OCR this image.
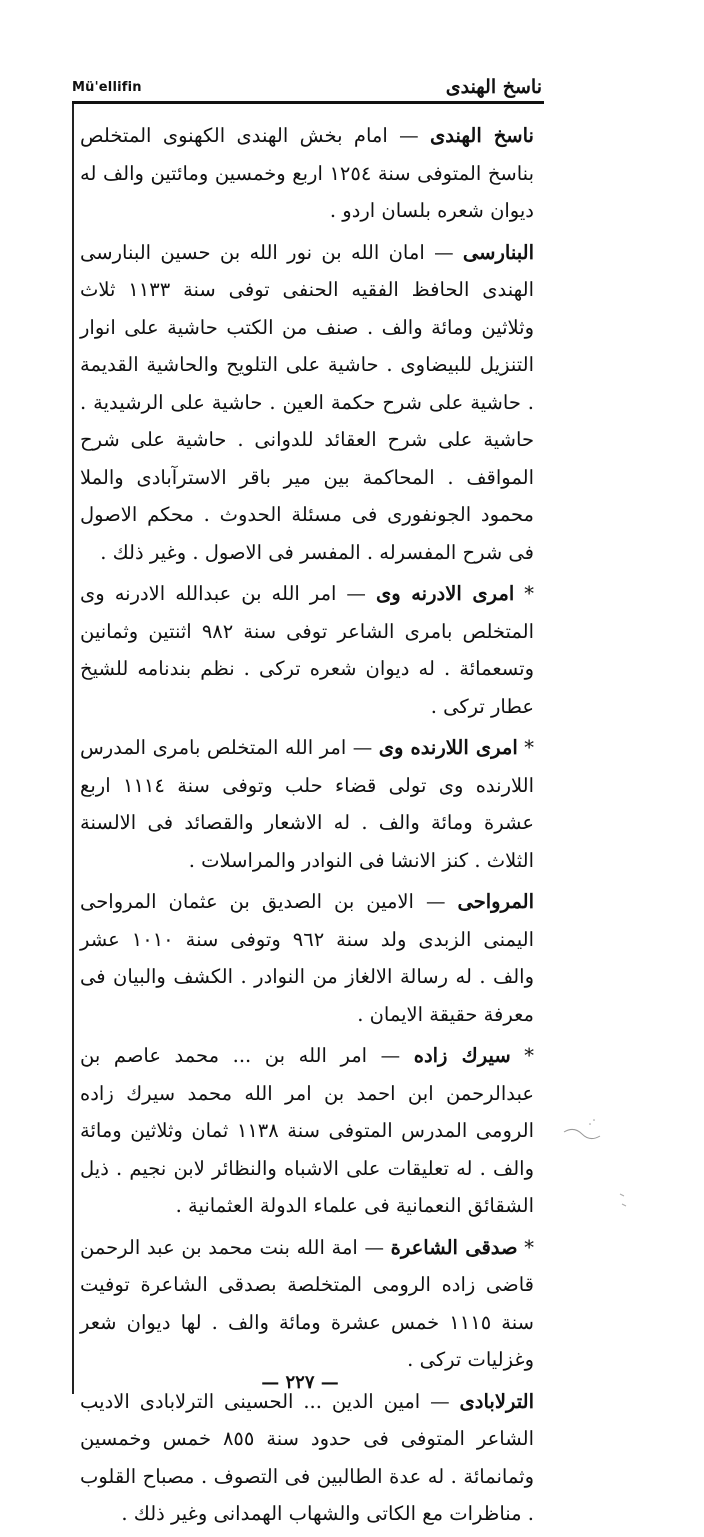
Mü'ellifin	ناسخ الهندى

ناسخ الهندى — امام بخش الهندى الكهنوى المتخلص بناسخ المتوفى سنة ١٢٥٤ اربع وخمسين ومائتين والف له ديوان شعره بلسان اردو .

البنارسى — امان الله بن نور الله بن حسين البنارسى الهندى الحافظ الفقيه الحنفى توفى سنة ١١٣٣ ثلاث وثلاثين ومائة والف . صنف من الكتب حاشية على انوار التنزيل للبيضاوى . حاشية على التلويح والحاشية القديمة . حاشية على شرح حكمة العين . حاشية على الرشيدية . حاشية على شرح العقائد للدوانى . حاشية على شرح المواقف . المحاكمة بين مير باقر الاسترآبادى والملا محمود الجونفورى فى مسئلة الحدوث . محكم الاصول فى شرح المفسرله . المفسر فى الاصول . وغير ذلك .

* امرى الادرنه وى — امر الله بن عبدالله الادرنه وى المتخلص بامرى الشاعر توفى سنة ٩٨٢ اثنتين وثمانين وتسعمائة . له ديوان شعره تركى . نظم بندنامه للشيخ عطار تركى .

* امرى اللارنده وى — امر الله المتخلص بامرى المدرس اللارنده وى تولى قضاء حلب وتوفى سنة ١١١٤ اربع عشرة ومائة والف . له الاشعار والقصائد فى الالسنة الثلاث . كنز الانشا فى النوادر والمراسلات .

المرواحى — الامين بن الصديق بن عثمان المرواحى اليمنى الزبدى ولد سنة ٩٦٢ وتوفى سنة ١٠١٠ عشر والف . له رسالة الالغاز من النوادر . الكشف والبيان فى معرفة حقيقة الايمان .

* سيرك زاده — امر الله بن ... محمد عاصم بن عبدالرحمن ابن احمد بن امر الله محمد سيرك زاده الرومى المدرس المتوفى سنة ١١٣٨ ثمان وثلاثين ومائة والف . له تعليقات على الاشباه والنظائر لابن نجيم . ذيل الشقائق النعمانية فى علماء الدولة العثمانية .

* صدقى الشاعرة — امة الله بنت محمد بن عبد الرحمن قاضى زاده الرومى المتخلصة بصدقى الشاعرة توفيت سنة ١١١٥ خمس عشرة ومائة والف . لها ديوان شعر وغزليات تركى .

الترلابادى — امين الدين ... الحسينى الترلابادى الاديب الشاعر المتوفى فى حدود سنة ٨٥٥ خمس وخمسين وثمانمائة . له عدة الطالبين فى التصوف . مصباح القلوب . مناظرات مع الكاتى والشهاب الهمدانى وغير ذلك .

— ٢٢٧ —
